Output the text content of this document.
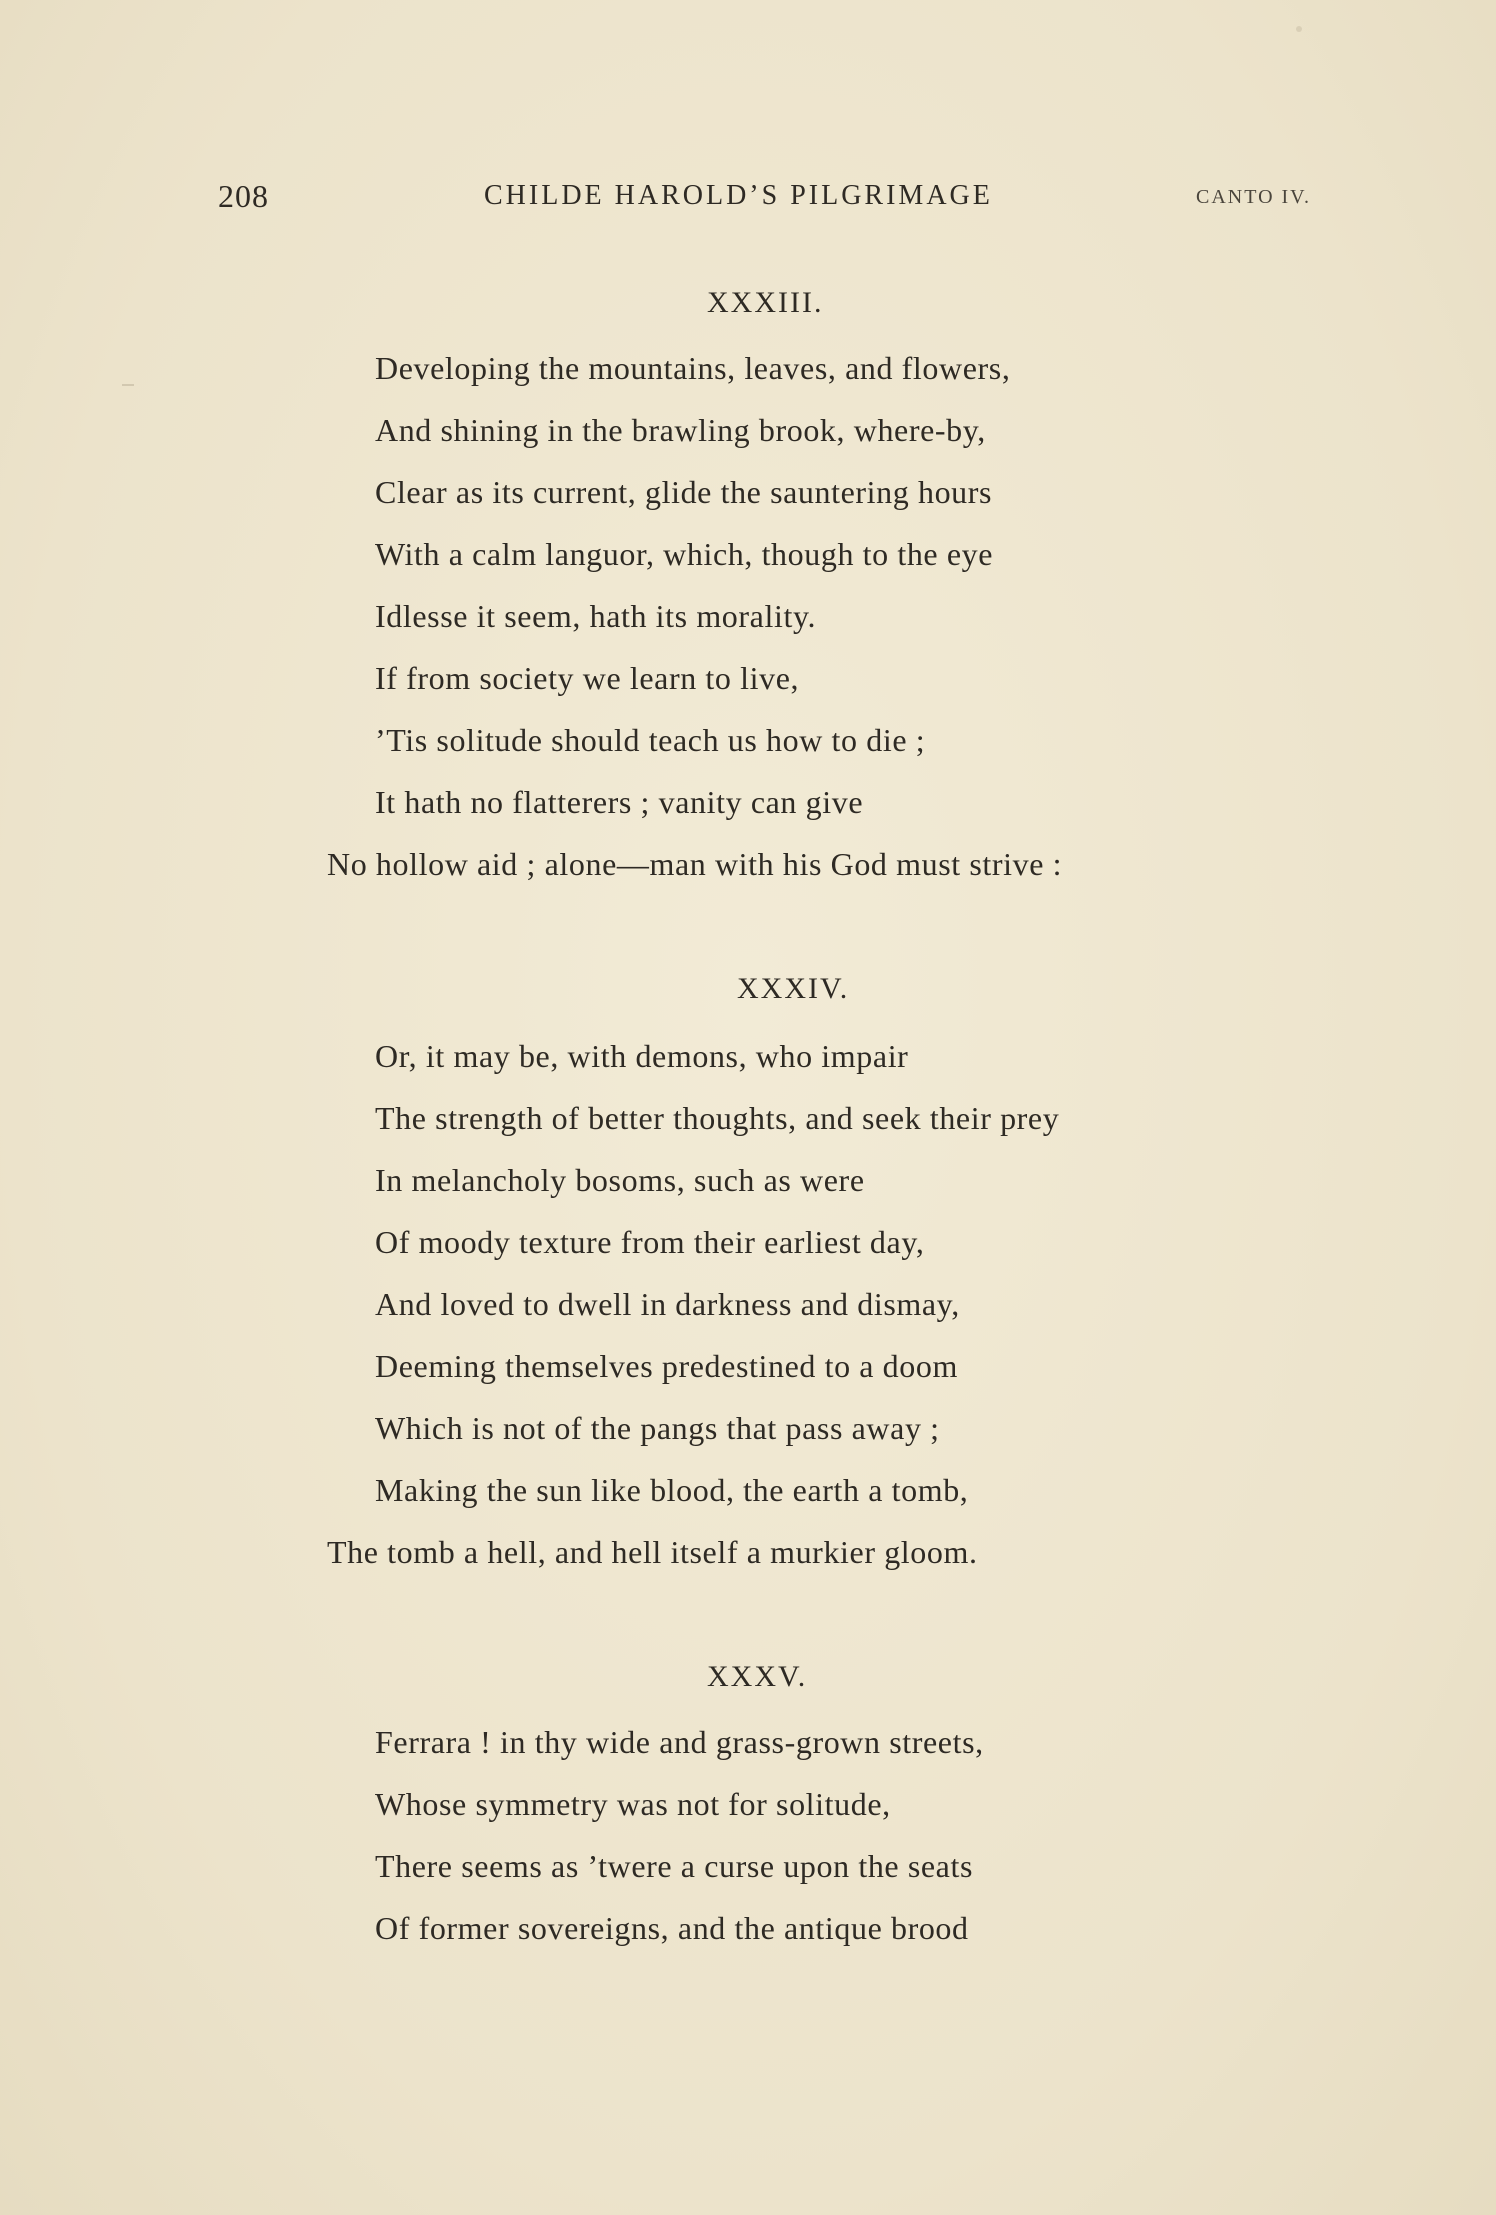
208	CHILDE HAROLD’S PILGRIMAGE	CANTO IV.
XXXIII.
Developing the mountains, leaves, and flowers,
And shining in the brawling brook, where-by,
Clear as its current, glide the sauntering hours
With a calm languor, which, though to the eye
Idlesse it seem, hath its morality.
If from society we learn to live,
’Tis solitude should teach us how to die ;
It hath no flatterers ; vanity can give
No hollow aid ; alone—man with his God must strive :
XXXIV.
Or, it may be, with demons, who impair
The strength of better thoughts, and seek their prey
In melancholy bosoms, such as were
Of moody texture from their earliest day,
And loved to dwell in darkness and dismay,
Deeming themselves predestined to a doom
Which is not of the pangs that pass away ;
Making the sun like blood, the earth a tomb,
The tomb a hell, and hell itself a murkier gloom.
XXXV.
Ferrara ! in thy wide and grass-grown streets,
Whose symmetry was not for solitude,
There seems as ’twere a curse upon the seats
Of former sovereigns, and the antique brood
